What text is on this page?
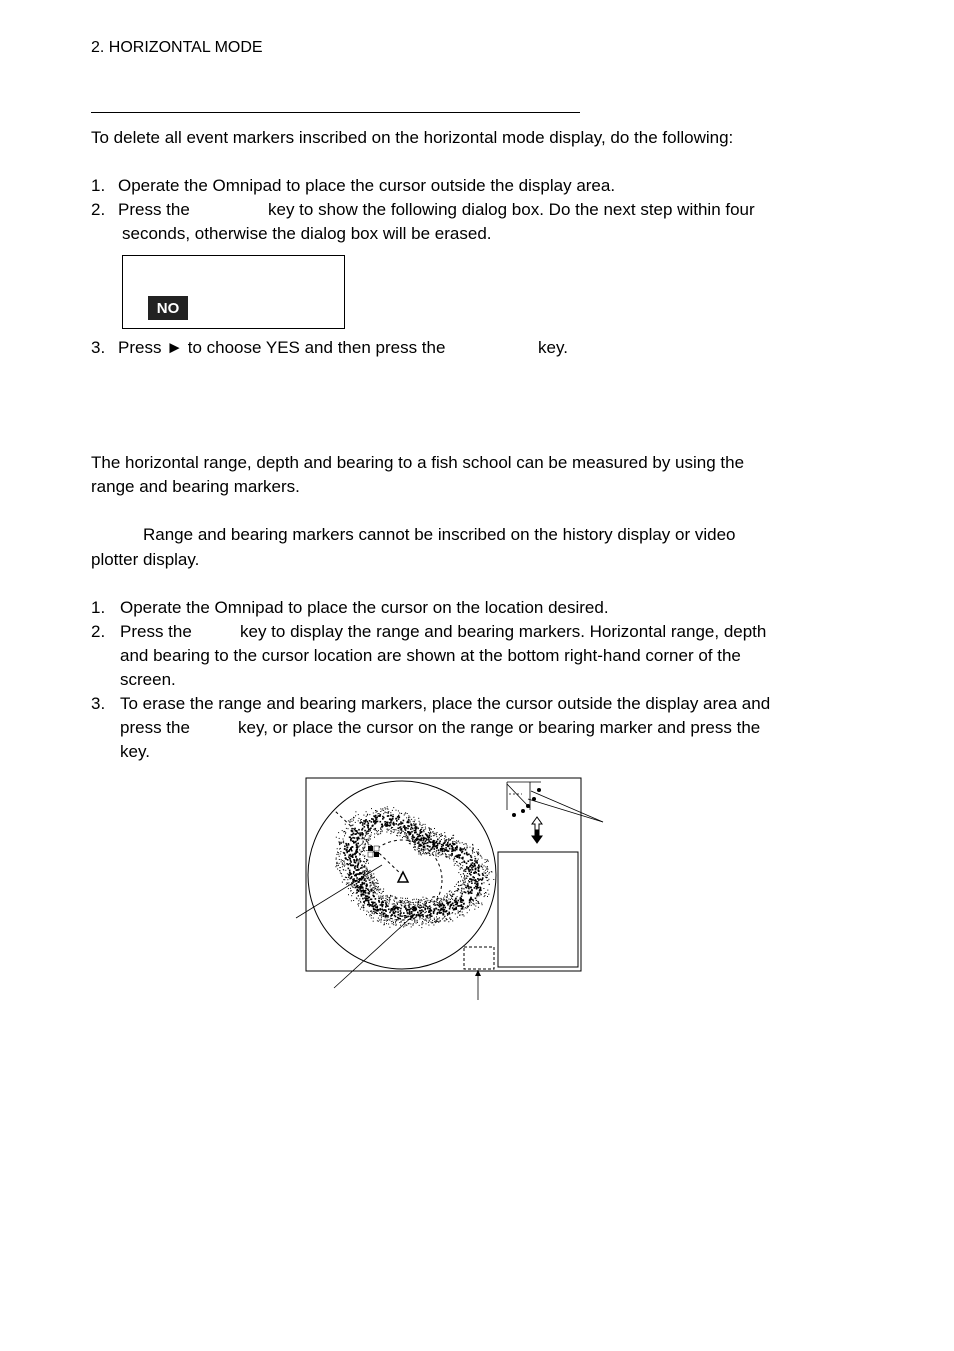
2. HORIZONTAL MODE
To delete all event markers inscribed on the horizontal mode display, do the following:
1. Operate the Omnipad to place the cursor outside the display area.
2. Press the	key to show the following dialog box. Do the next step within four
seconds, otherwise the dialog box will be erased.
NO
3. Press ► to choose YES and then press the	key.
The horizontal range, depth and bearing to a fish school can be measured by using the
range and bearing markers.
Range and bearing markers cannot be inscribed on the history display or video
plotter display.
1. Operate the Omnipad to place the cursor on the location desired.
2. Press the	key to display the range and bearing markers. Horizontal range, depth
and bearing to the cursor location are shown at the bottom right-hand corner of the
screen.
3. To erase the range and bearing markers, place the cursor outside the display area and
press the	key, or place the cursor on the range or bearing marker and press the
key.
